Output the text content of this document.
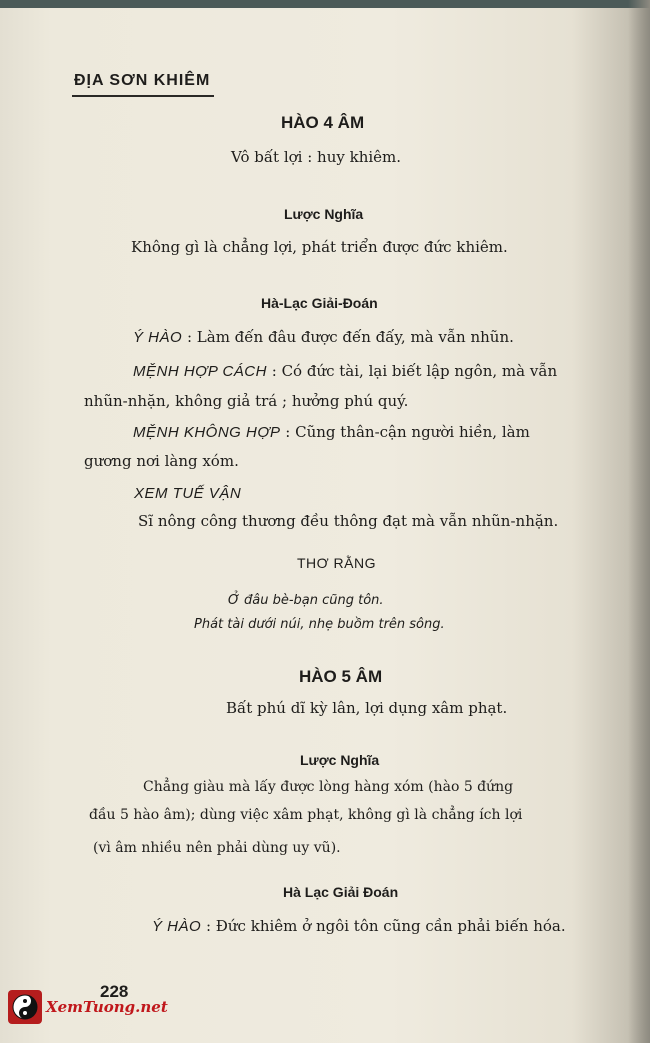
ĐỊA SƠN KHIÊM
HÀO 4 ÂM
Vô bất lợi : huy khiêm.
Lược Nghĩa
Không gì là chẳng lợi, phát triển được đức khiêm.
Hà-Lạc Giải-Đoán
Ý HÀO : Làm đến đâu được đến đấy, mà vẫn nhũn.
MỆNH HỢP CÁCH : Có đức tài, lại biết lập ngôn, mà vẫn
nhũn-nhặn, không giả trá ; hưởng phú quý.
MỆNH KHÔNG HỢP : Cũng thân-cận người hiền, làm
gương nơi làng xóm.
XEM TUẾ VẬN
Sĩ nông công thương đều thông đạt mà vẫn nhũn-nhặn.
THƠ RẰNG
Ở đâu bè-bạn cũng tôn.
Phát tài dưới núi, nhẹ buồm trên sông.
HÀO 5 ÂM
Bất phú dĩ kỳ lân, lợi dụng xâm phạt.
Lược Nghĩa
Chẳng giàu mà lấy được lòng hàng xóm (hào 5 đứng
đầu 5 hào âm); dùng việc xâm phạt, không gì là chẳng ích lợi
(vì âm nhiều nên phải dùng uy vũ).
Hà Lạc Giải Đoán
Ý HÀO : Đức khiêm ở ngôi tôn cũng cần phải biến hóa.
228
XemTuong.net
